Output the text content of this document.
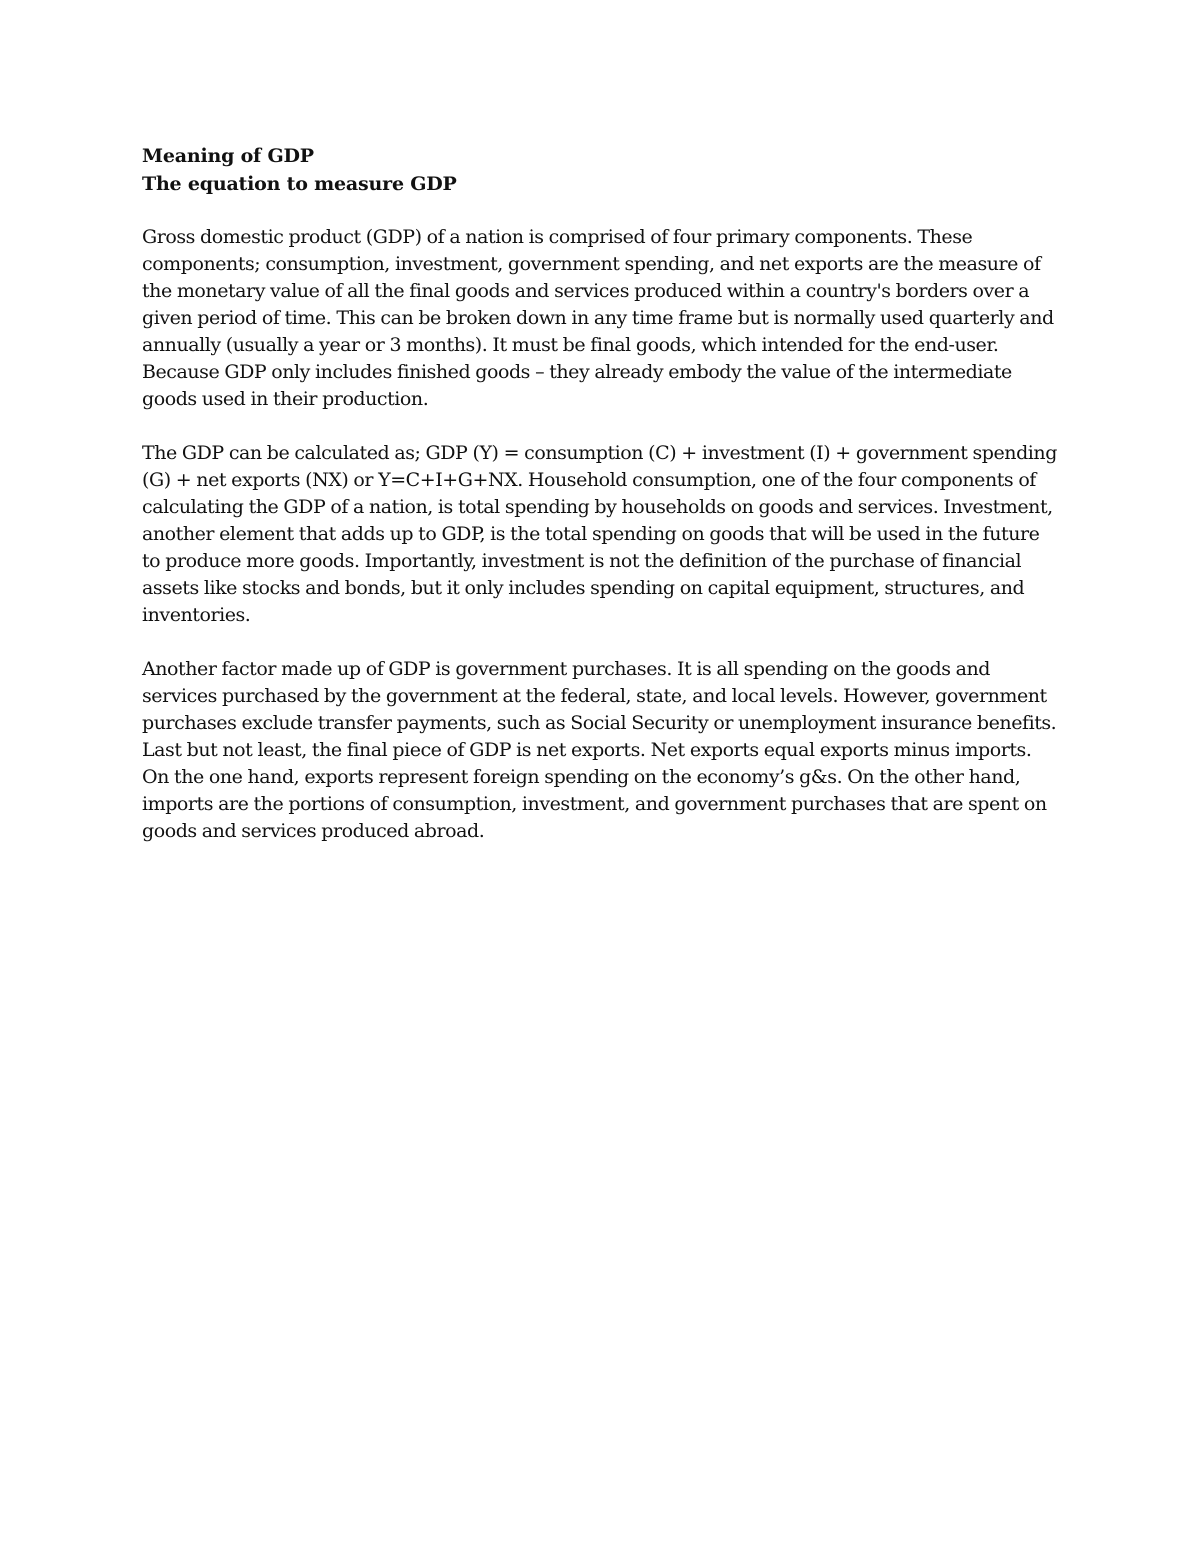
Meaning of GDP

The equation to measure GDP

Gross domestic product (GDP) of a nation is comprised of four primary components. These components; consumption, investment, government spending, and net exports are the measure of the monetary value of all the final goods and services produced within a country's borders over a given period of time. This can be broken down in any time frame but is normally used quarterly and annually (usually a year or 3 months). It must be final goods, which intended for the end-user. Because GDP only includes finished goods – they already embody the value of the intermediate goods used in their production.

The GDP can be calculated as; GDP (Y) = consumption (C) + investment (I) + government spending (G) + net exports (NX) or Y=C+I+G+NX. Household consumption, one of the four components of calculating the GDP of a nation, is total spending by households on goods and services. Investment, another element that adds up to GDP, is the total spending on goods that will be used in the future to produce more goods. Importantly, investment is not the definition of the purchase of financial assets like stocks and bonds, but it only includes spending on capital equipment, structures, and inventories.

Another factor made up of GDP is government purchases. It is all spending on the goods and services purchased by the government at the federal, state, and local levels. However, government purchases exclude transfer payments, such as Social Security or unemployment insurance benefits. Last but not least, the final piece of GDP is net exports. Net exports equal exports minus imports. On the one hand, exports represent foreign spending on the economy’s g&s. On the other hand, imports are the portions of consumption, investment, and government purchases that are spent on goods and services produced abroad.
